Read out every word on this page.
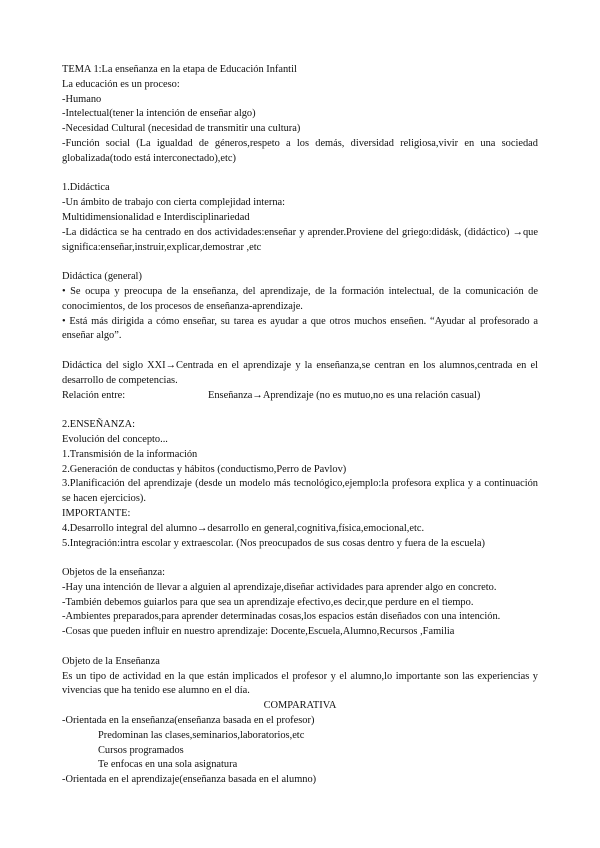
TEMA 1:La enseñanza en la etapa de Educación Infantil

La educación es un proceso:

-Humano

-Intelectual(tener la intención de enseñar algo)

-Necesidad Cultural (necesidad de transmitir una cultura)

-Función social (La igualdad de géneros,respeto a los demás, diversidad religiosa,vivir en una sociedad globalizada(todo está interconectado),etc)

1.Didáctica

-Un ámbito de trabajo con cierta complejidad interna:

Multidimensionalidad e Interdisciplinariedad

-La didáctica se ha centrado en dos actividades:enseñar y aprender.Proviene del griego:didásk, (didáctico) →que significa:enseñar,instruir,explicar,demostrar ,etc

Didáctica (general)

• Se ocupa y preocupa de la enseñanza, del aprendizaje, de la formación intelectual, de la comunicación de conocimientos, de los procesos de enseñanza-aprendizaje.

• Está más dirigida a cómo enseñar, su tarea es ayudar a que otros muchos enseñen. “Ayudar al profesorado a enseñar algo”.

Didáctica del siglo XXI→Centrada en el aprendizaje y la enseñanza,se centran en los alumnos,centrada en el desarrollo de competencias.

Relación entre:	Enseñanza→Aprendizaje (no es mutuo,no es una relación casual)

2.ENSEÑANZA:

Evolución del concepto...

1.Transmisión de la información

2.Generación de conductas y hábitos (conductismo,Perro de Pavlov)

3.Planificación del aprendizaje (desde un modelo más tecnológico,ejemplo:la profesora explica y a continuación se hacen ejercicios).

IMPORTANTE:

4.Desarrollo integral del alumno→desarrollo en general,cognitiva,física,emocional,etc.

5.Integración:intra escolar y extraescolar. (Nos preocupados de sus cosas dentro y fuera de la escuela)

Objetos de la enseñanza:

-Hay una intención de llevar a alguien al aprendizaje,diseñar actividades para aprender algo en concreto.

-También debemos guiarlos para que sea un aprendizaje efectivo,es decir,que perdure en el tiempo.

-Ambientes preparados,para aprender determinadas cosas,los espacios están diseñados con una intención.

-Cosas que pueden influir en nuestro aprendizaje: Docente,Escuela,Alumno,Recursos ,Familia

Objeto de la Enseñanza

Es un tipo de actividad en la que están implicados el profesor y el alumno,lo importante son las experiencias y vivencias que ha tenido ese alumno en el día.

COMPARATIVA

-Orientada en la enseñanza(enseñanza basada en el profesor)

Predominan las clases,seminarios,laboratorios,etc

Cursos programados

Te enfocas en una sola asignatura

-Orientada en el aprendizaje(enseñanza basada en el alumno)
